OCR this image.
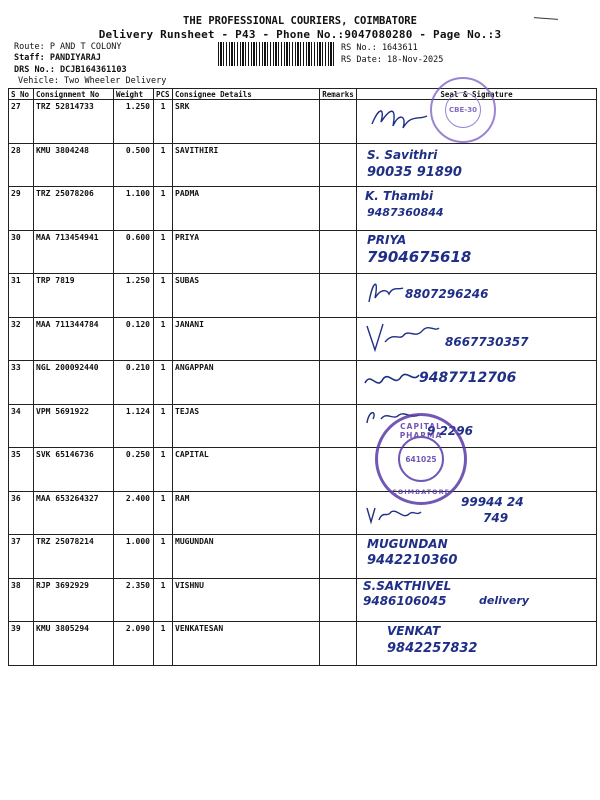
THE PROFESSIONAL COURIERS, COIMBATORE
Delivery Runsheet - P43 - Phone No.:9047080280 - Page No.:3
Route: P AND T COLONY
Staff: PANDIYARAJ
DRS No.: DCJB164361103
Vehicle: Two Wheeler Delivery
RS No.: 1643611
RS Date: 18-Nov-2025
S No	Consignment No	Weight	PCS	Consignee Details	Remarks	Seal & Signature
27	TRZ 52814733	1.250	1	SRK		

28	KMU 3804248	0.500	1	SAVITHIRI		S. Savithri
90035 91890

29	TRZ 25078206	1.100	1	PADMA		K. Thambi
9487360844

30	MAA 713454941	0.600	1	PRIYA		PRIYA
7904675618

31	TRP 7819	1.250	1	SUBAS		8807296246

32	MAA 711344784	0.120	1	JANANI		8667730357

33	NGL 200092440	0.210	1	ANGAPPAN		9487712706

34	VPM 5691922	1.124	1	TEJAS		9 2296

35	SVK 65146736	0.250	1	CAPITAL		
36	MAA 653264327	2.400	1	RAM		99944 24
749

37	TRZ 25078214	1.000	1	MUGUNDAN		MUGUNDAN
9442210360

38	RJP 3692929	2.350	1	VISHNU		S.SAKTHIVEL
9486106045 delivery

39	KMU 3805294	2.090	1	VENKATESAN		VENKAT
9842257832
CBE-30
CAPITAL PHARMA
641025
COIMBATORE
